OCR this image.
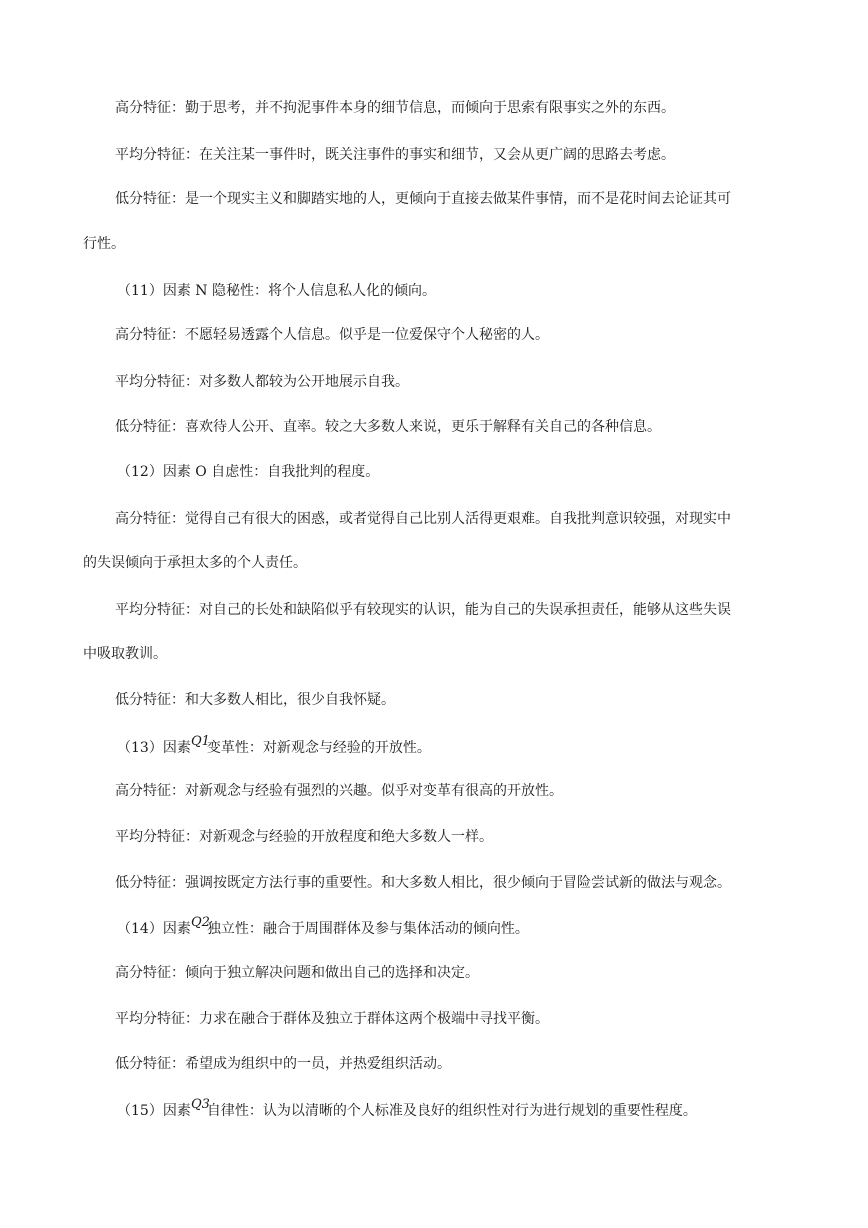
高分特征：勤于思考，并不拘泥事件本身的细节信息，而倾向于思索有限事实之外的东西。
平均分特征：在关注某一事件时，既关注事件的事实和细节，又会从更广阔的思路去考虑。
低分特征：是一个现实主义和脚踏实地的人，更倾向于直接去做某件事情，而不是花时间去论证其可
行性。
（11）因素 N 隐秘性：将个人信息私人化的倾向。
高分特征：不愿轻易透露个人信息。似乎是一位爱保守个人秘密的人。
平均分特征：对多数人都较为公开地展示自我。
低分特征：喜欢待人公开、直率。较之大多数人来说，更乐于解释有关自己的各种信息。
（12）因素 O 自虑性：自我批判的程度。
高分特征：觉得自己有很大的困惑，或者觉得自己比别人活得更艰难。自我批判意识较强，对现实中
的失误倾向于承担太多的个人责任。
平均分特征：对自己的长处和缺陷似乎有较现实的认识，能为自己的失误承担责任，能够从这些失误
中吸取教训。
低分特征：和大多数人相比，很少自我怀疑。
（13）因素 Q1
变革性：对新观念与经验的开放性。
高分特征：对新观念与经验有强烈的兴趣。似乎对变革有很高的开放性。
平均分特征：对新观念与经验的开放程度和绝大多数人一样。
低分特征：强调按既定方法行事的重要性。和大多数人相比，很少倾向于冒险尝试新的做法与观念。
（14）因素 Q2
独立性：融合于周围群体及参与集体活动的倾向性。
高分特征：倾向于独立解决问题和做出自己的选择和决定。
平均分特征：力求在融合于群体及独立于群体这两个极端中寻找平衡。
低分特征：希望成为组织中的一员，并热爱组织活动。
（15）因素 Q3
自律性：认为以清晰的个人标准及良好的组织性对行为进行规划的重要性程度。
